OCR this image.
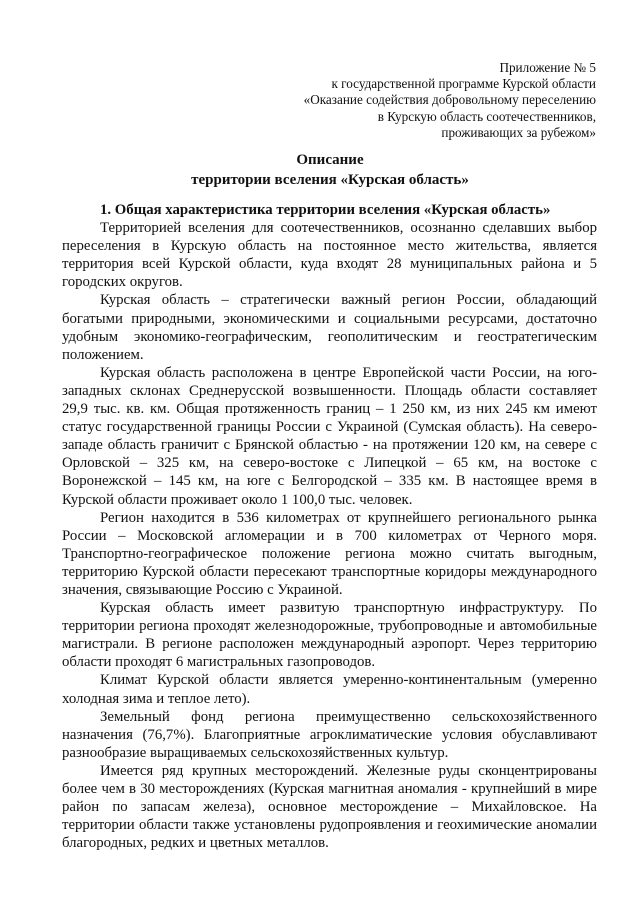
Приложение № 5
к государственной программе Курской области
«Оказание содействия добровольному переселению
в Курскую область соотечественников,
проживающих за рубежом»
Описание
территории вселения «Курская область»

1. Общая характеристика территории вселения «Курская область»

Территорией вселения для соотечественников, осознанно сделавших выбор переселения в Курскую область на постоянное место жительства, является территория всей Курской области, куда входят 28 муниципальных района и 5 городских округов.

Курская область – стратегически важный регион России, обладающий богатыми природными, экономическими и социальными ресурсами, достаточно удобным экономико-географическим, геополитическим и геостратегическим положением.

Курская область расположена в центре Европейской части России, на юго-западных склонах Среднерусской возвышенности. Площадь области составляет 29,9 тыс. кв. км. Общая протяженность границ – 1 250 км, из них 245 км имеют статус государственной границы России с Украиной (Сумская область). На северо-западе область граничит с Брянской областью - на протяжении 120 км, на севере с Орловской – 325 км, на северо-востоке с Липецкой – 65 км, на востоке с Воронежской – 145 км, на юге с Белгородской – 335 км. В настоящее время в Курской области проживает около 1 100,0 тыс. человек.

Регион находится в 536 километрах от крупнейшего регионального рынка России – Московской агломерации и в 700 километрах от Черного моря. Транспортно-географическое положение региона можно считать выгодным, территорию Курской области пересекают транспортные коридоры международного значения, связывающие Россию с Украиной.

Курская область имеет развитую транспортную инфраструктуру. По территории региона проходят железнодорожные, трубопроводные и автомобильные магистрали. В регионе расположен международный аэропорт. Через территорию области проходят 6 магистральных газопроводов.

Климат Курской области является умеренно-континентальным (умеренно холодная зима и теплое лето).

Земельный фонд региона преимущественно сельскохозяйственного назначения (76,7%). Благоприятные агроклиматические условия обуславливают разнообразие выращиваемых сельскохозяйственных культур.

Имеется ряд крупных месторождений. Железные руды сконцентрированы более чем в 30 месторождениях (Курская магнитная аномалия - крупнейший в мире район по запасам железа), основное месторождение – Михайловское. На территории области также установлены рудопроявления и геохимические аномалии благородных, редких и цветных металлов.
